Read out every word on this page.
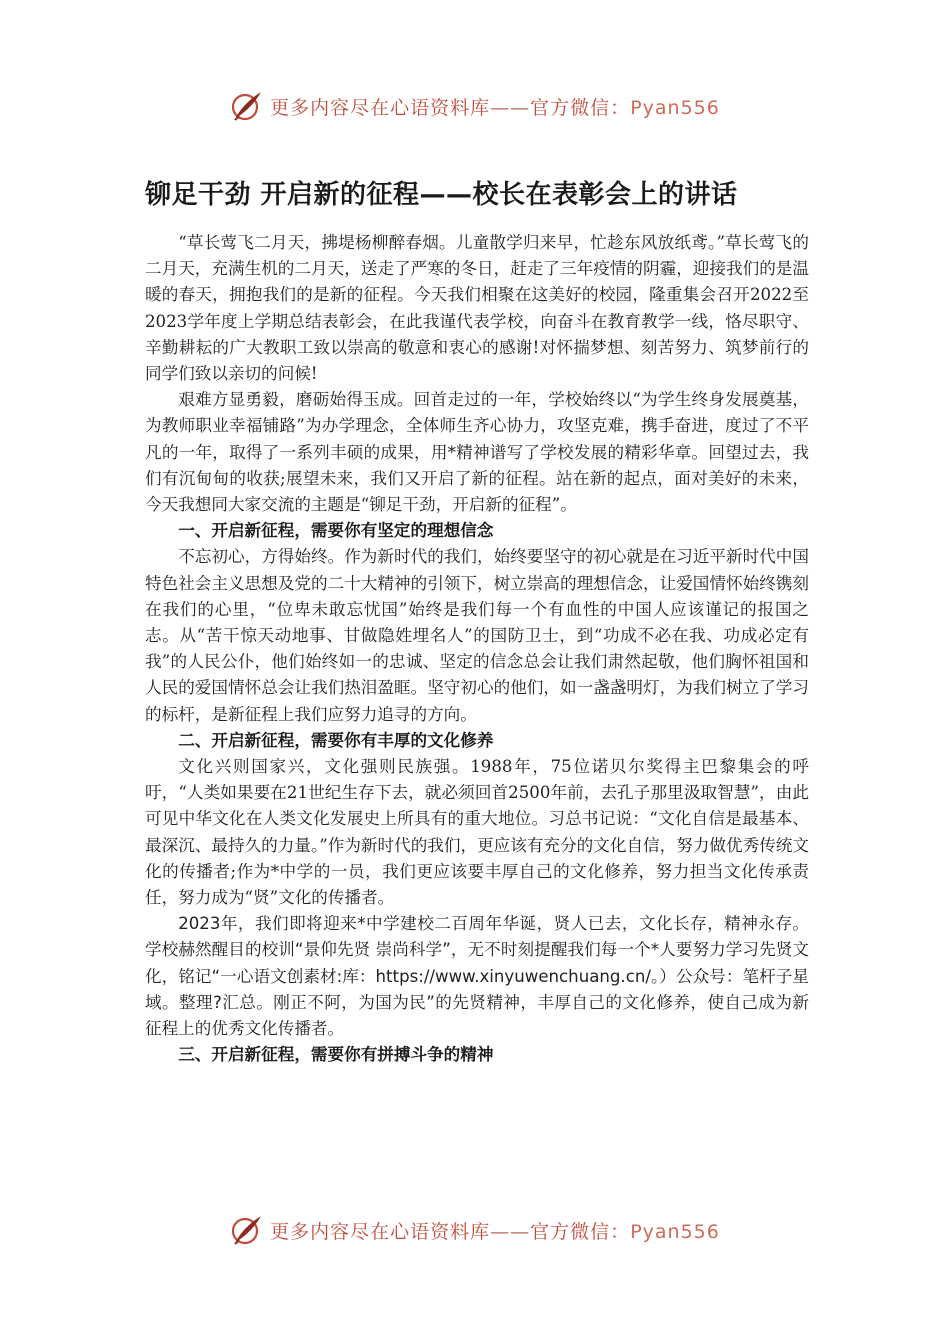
更多内容尽在心语资料库——官方微信：Pyan556
铆足干劲 开启新的征程——校长在表彰会上的讲话

“草长莺飞二月天，拂堤杨柳醉春烟。儿童散学归来早，忙趁东风放纸鸢。”草长莺飞的二月天，充满生机的二月天，送走了严寒的冬日，赶走了三年疫情的阴霾，迎接我们的是温暖的春天，拥抱我们的是新的征程。今天我们相聚在这美好的校园，隆重集会召开2022至2023学年度上学期总结表彰会，在此我谨代表学校，向奋斗在教育教学一线，恪尽职守、辛勤耕耘的广大教职工致以崇高的敬意和衷心的感谢!对怀揣梦想、刻苦努力、筑梦前行的同学们致以亲切的问候!

艰难方显勇毅，磨砺始得玉成。回首走过的一年，学校始终以“为学生终身发展奠基，为教师职业幸福铺路”为办学理念，全体师生齐心协力，攻坚克难，携手奋进，度过了不平凡的一年，取得了一系列丰硕的成果，用*精神谱写了学校发展的精彩华章。回望过去，我们有沉甸甸的收获;展望未来，我们又开启了新的征程。站在新的起点，面对美好的未来，今天我想同大家交流的主题是“铆足干劲，开启新的征程”。

一、开启新征程，需要你有坚定的理想信念

不忘初心，方得始终。作为新时代的我们，始终要坚守的初心就是在习近平新时代中国特色社会主义思想及党的二十大精神的引领下，树立崇高的理想信念，让爱国情怀始终镌刻在我们的心里，“位卑未敢忘忧国”始终是我们每一个有血性的中国人应该谨记的报国之志。从“苦干惊天动地事、甘做隐姓埋名人”的国防卫士，到“功成不必在我、功成必定有我”的人民公仆，他们始终如一的忠诚、坚定的信念总会让我们肃然起敬，他们胸怀祖国和人民的爱国情怀总会让我们热泪盈眶。坚守初心的他们，如一盏盏明灯，为我们树立了学习的标杆，是新征程上我们应努力追寻的方向。

二、开启新征程，需要你有丰厚的文化修养

文化兴则国家兴，文化强则民族强。1988年，75位诺贝尔奖得主巴黎集会的呼吁，“人类如果要在21世纪生存下去，就必须回首2500年前，去孔子那里汲取智慧”，由此可见中华文化在人类文化发展史上所具有的重大地位。习总书记说：“文化自信是最基本、最深沉、最持久的力量。”作为新时代的我们，更应该有充分的文化自信，努力做优秀传统文化的传播者;作为*中学的一员，我们更应该要丰厚自己的文化修养，努力担当文化传承责任，努力成为“贤”文化的传播者。

2023年，我们即将迎来*中学建校二百周年华诞，贤人已去，文化长存，精神永存。学校赫然醒目的校训“景仰先贤 崇尚科学”，无不时刻提醒我们每一个*人要努力学习先贤文化，铭记“一心语文创素材:库：https://www.xinyuwenchuang.cn/。）公众号：笔杆子星域。整理?汇总。刚正不阿，为国为民”的先贤精神，丰厚自己的文化修养，使自己成为新征程上的优秀文化传播者。

三、开启新征程，需要你有拼搏斗争的精神

更多内容尽在心语资料库——官方微信：Pyan556
